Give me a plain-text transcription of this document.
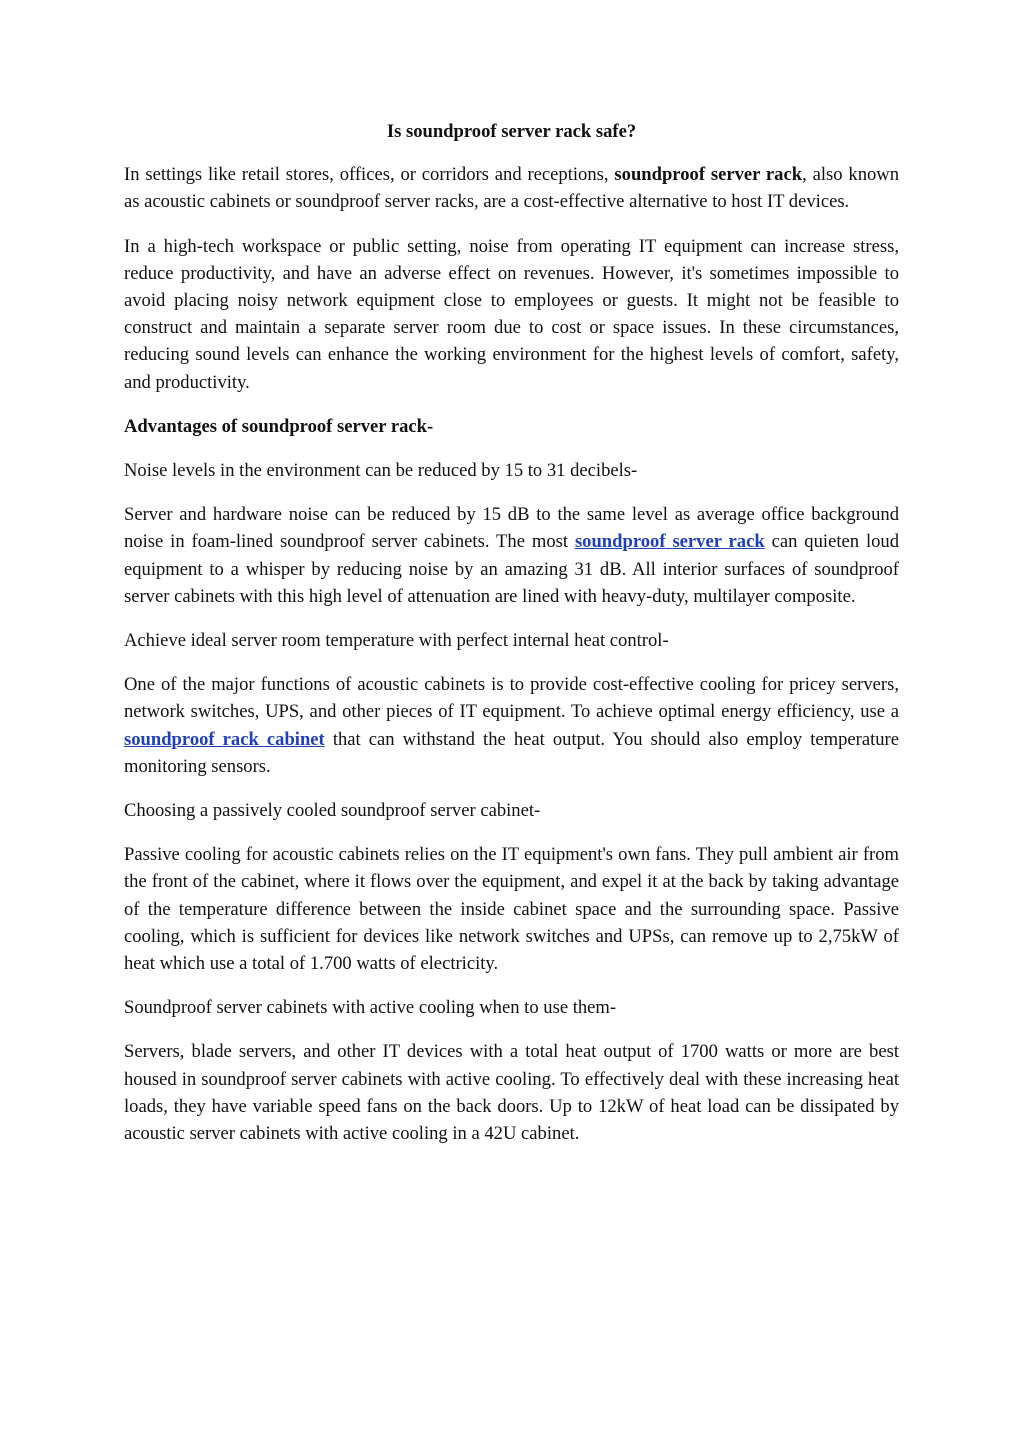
Is soundproof server rack safe?

In settings like retail stores, offices, or corridors and receptions, soundproof server rack, also known as acoustic cabinets or soundproof server racks, are a cost-effective alternative to host IT devices.

In a high-tech workspace or public setting, noise from operating IT equipment can increase stress, reduce productivity, and have an adverse effect on revenues. However, it's sometimes impossible to avoid placing noisy network equipment close to employees or guests. It might not be feasible to construct and maintain a separate server room due to cost or space issues. In these circumstances, reducing sound levels can enhance the working environment for the highest levels of comfort, safety, and productivity.

Advantages of soundproof server rack-

Noise levels in the environment can be reduced by 15 to 31 decibels-

Server and hardware noise can be reduced by 15 dB to the same level as average office background noise in foam-lined soundproof server cabinets. The most soundproof server rack can quieten loud equipment to a whisper by reducing noise by an amazing 31 dB. All interior surfaces of soundproof server cabinets with this high level of attenuation are lined with heavy-duty, multilayer composite.

Achieve ideal server room temperature with perfect internal heat control-

One of the major functions of acoustic cabinets is to provide cost-effective cooling for pricey servers, network switches, UPS, and other pieces of IT equipment. To achieve optimal energy efficiency, use a soundproof rack cabinet that can withstand the heat output. You should also employ temperature monitoring sensors.

Choosing a passively cooled soundproof server cabinet-

Passive cooling for acoustic cabinets relies on the IT equipment's own fans. They pull ambient air from the front of the cabinet, where it flows over the equipment, and expel it at the back by taking advantage of the temperature difference between the inside cabinet space and the surrounding space. Passive cooling, which is sufficient for devices like network switches and UPSs, can remove up to 2,75kW of heat which use a total of 1.700 watts of electricity.

Soundproof server cabinets with active cooling when to use them-

Servers, blade servers, and other IT devices with a total heat output of 1700 watts or more are best housed in soundproof server cabinets with active cooling. To effectively deal with these increasing heat loads, they have variable speed fans on the back doors. Up to 12kW of heat load can be dissipated by acoustic server cabinets with active cooling in a 42U cabinet.
